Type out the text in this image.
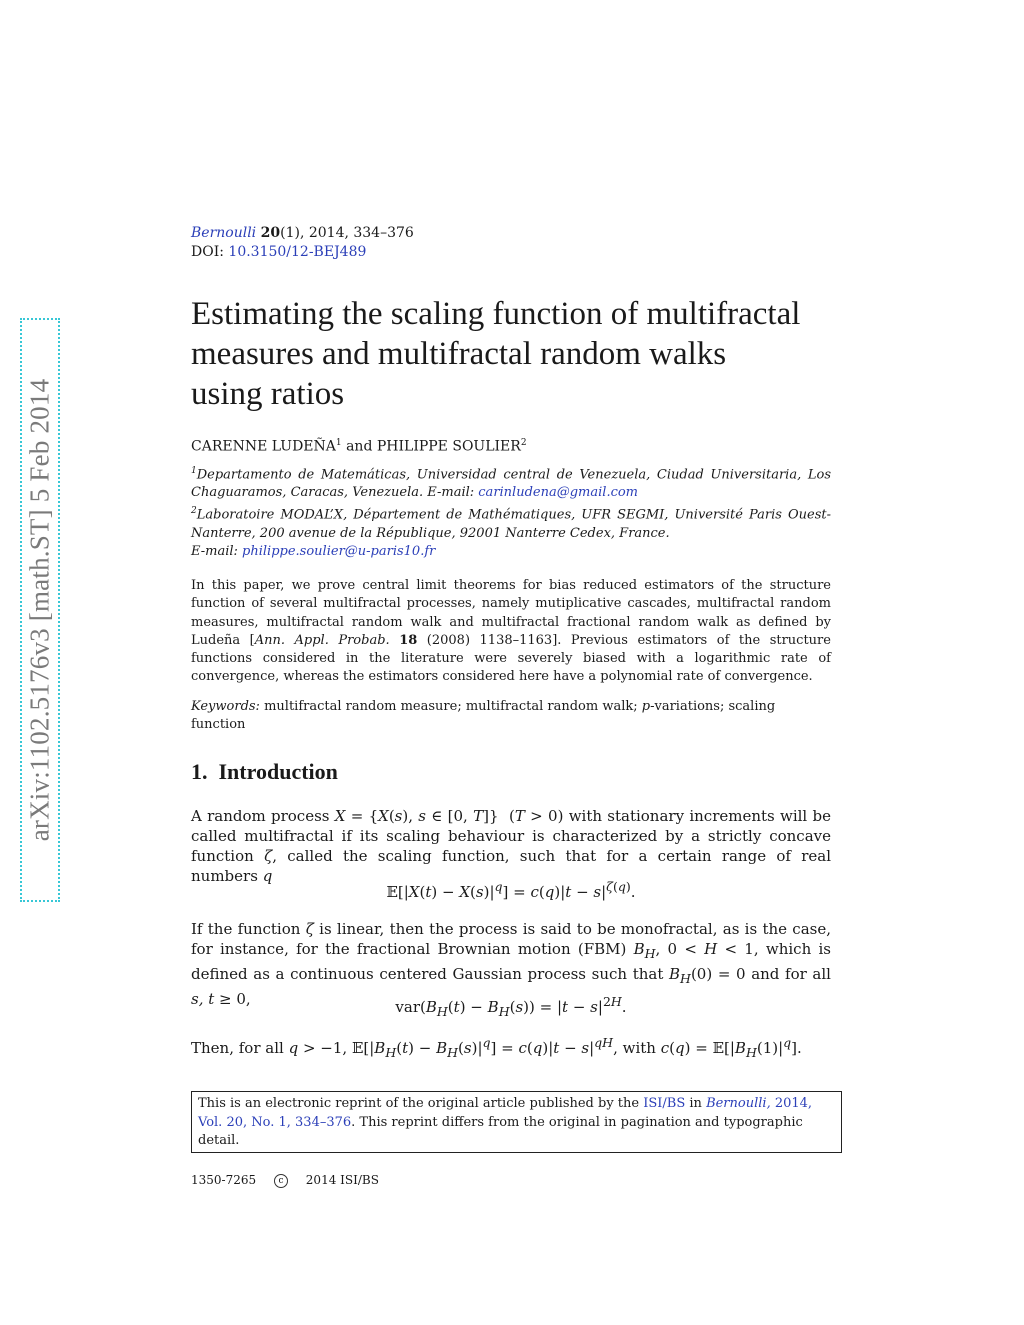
arXiv:1102.5176v3 [math.ST] 5 Feb 2014
Bernoulli 20(1), 2014, 334–376
DOI: 10.3150/12-BEJ489
Estimating the scaling function of multifractal
measures and multifractal random walks
using ratios
CARENNE LUDEÑA$^1$ and PHILIPPE SOULIER$^2$

$^1$Departamento de Matemáticas, Universidad central de Venezuela, Ciudad Universitaria, Los Chaguaramos, Caracas, Venezuela. E-mail: carinludena@gmail.com

$^2$Laboratoire MODAL’X, Département de Mathématiques, UFR SEGMI, Université Paris Ouest-Nanterre, 200 avenue de la République, 92001 Nanterre Cedex, France.
E-mail: philippe.soulier@u-paris10.fr

In this paper, we prove central limit theorems for bias reduced estimators of the structure function of several multifractal processes, namely mutiplicative cascades, multifractal random measures, multifractal random walk and multifractal fractional random walk as defined by Ludeña [Ann. Appl. Probab. 18 (2008) 1138–1163]. Previous estimators of the structure functions considered in the literature were severely biased with a logarithmic rate of convergence, whereas the estimators considered here have a polynomial rate of convergence.

Keywords: multifractal random measure; multifractal random walk; p-variations; scaling function
1. Introduction
A random process X = {X(s), s ∈ [0, T]}  (T > 0) with stationary increments will be called multifractal if its scaling behaviour is characterized by a strictly concave function ζ, called the scaling function, such that for a certain range of real numbers q
𝔼[|X(t) − $X(s)|^q] = c(q)|t - s|^{\zeta(q)}$.
If the function ζ is linear, then the process is said to be monofractal, as is the case, for instance, for the fractional Brownian motion (FBM) $B_H$, 0 < H < 1, which is defined as a continuous centered Gaussian process such that $B_H(0) = 0$ and for all s, t ≥ 0,	$var(B_H(t) - B_H(s)) = |t - s|^{2H}$.
Then, for all q > −1, $𝔼[|B_H(t) - B_H(s)|^q] = c(q)|t - s|^{qH}$, with $c(q) = 𝔼[|B_H(1)|^q]$.
This is an electronic reprint of the original article published by the ISI/BS in Bernoulli, 2014, Vol. 20, No. 1, 334–376. This reprint differs from the original in pagination and typographic detail.
1350-7265 c 2014 ISI/BS
